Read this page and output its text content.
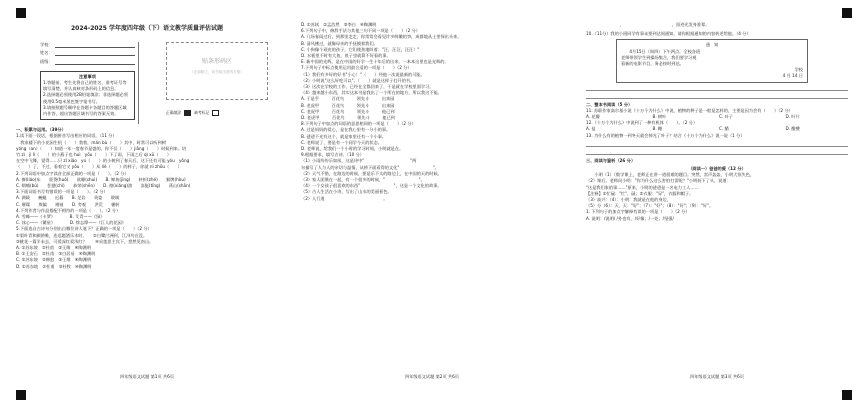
2024-2025 学年度四年级（下）语文教学质量评估试题
学校：
姓名：
班级：
注意事项
1.答题前，考生先将自己的姓名、准考证号等
填写清楚，并认真核对条形码上的信息。
2.选择题必须使用2B铅笔填涂；非选择题必须
使用0.5毫米黑色签字笔书写。
3.请按照题号顺序在答题卡各题目的答题区域
内作答，超出答题区域书写的答案无效。
贴条形码区
（正面朝上，切勿贴出虚线方框）
正确填涂	缺考标记
一、积累与运用。（39分）
1.读下面一段话，根据拼音写出相应的词语。（11 分）
　我家楼下的小花园生机（　　）勃勃，mán bù（　　）其中，时常可以听到树
yóng（an）（　　）知道一年一度春节是盛的。你不仅（　　）jiāng（　　）时候到来。培
竹 zì　jì lì（　　）的小燕子也 huì　yōu（　　）下了雨，下雨之后 qì xū（　　）
在空中飞舞，觉得……只 zǐ xiǎo　yú（　　）的小树到了春天后，这下还有可能 yóu　yǒng
（　　）了，不过，看着它又 yǒu（　　）从 liè（　　）的样子，你就 nǐ zhōu（　　）
2.下列词语中加点字读音全部正确的一项是（　　）。（2 分）
A. 撩(liáo)东　　贤贷(huò)　　欲睡(shuì)　　B. 鲸鱼(jīng)　　转折(zhé)　　猴牌(hòu)
C. 咽哺(bǔ)　　苍翅(chì)　　恭荣(shēn)　　D. 遨(xiǎng)游　　冻挺(tǐng)　　荡山(shān)
3.下面词语书写有错误的一项是（　　）。（2 分）
A. 满载　　蜿蜒　　迟暮　　B. 足岩　　英姿　　玻璃
C. 璀璨　　欺骗　　褶皱　　D. 旁观　　洪荒　　辗转
4.下列作者与作品搭配不相符的一项是（　　）。（2 分）
A. 雪峰——《卡罗》　　　　B. 艾青——《绿》
C. 冰心——《繁星》　　　　D. 徐志摩——《巨人的花园》
5.下面选自古诗句分别出自哪位诗人笔下？正确的一项是（　　）（2 分）
①梨叶青和颜辨唯，迭巡题酒乐木时。　　②白鹭汀洲到，江浔鸟在没。
③桃花一篇半未去，可爱深红爱浅红？　　④采莲思主宾下，悠然见南山。
A. ①苏东坡　②杜甫　③王维　④陶渊明
B. ①王安石　②杜甫　③白居易　④陶渊明
C. ①苏东坡　②韩愈　③王维　④陶渊明
D. ①苏东坡　②杜甫　③杜牧　④陶渊明
四年级语文试题 第1页 共6页
D. ①苏轼　②孟浩然　③李白　④陶渊明
6.下列句子中，修辞手法与其他三句不同一项是（　　）（2 分）
A. 几场春雨过后，到那里走走，你常常会看见许多鲜嫩的笋，成群地从土里探出头来。
B. 清风拂过，就像母亲的手抚摸着我们。
C. 小狗像个顽皮的孩子，它们使劲地叫着："汪，汪汪，汪汪！"
D. 水板里不时有大鱼，鱼子里就算不好看的事。
E. 新中国的光辉，是在中国的好学一生十年后的出来，一本本这里也是光辉的。
7.下列句子中标点使用运用最合适的一项是（　　）（2 分）
（1）我们有多好的好书"小心！"（　　）经他一次说最新的可能。
（2）小明说"这么好吃可以"。（　　）就是这样子打开的书。
（3）这次在学校的工作，已经在全都回来了，于是就在学校里面学习。
（4）越来越小东西，其实这本书是我出了一个所在的地方，所以我这不能。
A. 于是乎　　　百花鸟　　　领先斗　　　出来园
B. 老虎甲　　　百花鸟　　　领先斗　　　出来园
C. 老虎甲　　　百花鸟　　　领先斗　　　他已到
D. 老虎甲　　　百花鸟　　　领先斗　　　他已到
8.下列句子中加点的词语的意思相同的一项是（　　）（2 分）
A. 过是妈妈的爱心，是在我心里有一分小的事。
B. 爸爸不光有这个，就是家里还有一个小事。
C. 老师说了，要是有一个同学今天的状态。
D. 老师说，给我们一个小时的学习时间，小明就是在。
9.根据要求，填写古诗。（10 分）
（1）小雨纷纷乐如丝，这是诗中"　　　　　　　　　　　"两
句描写了人与人的亲切与温情，从桥下面看得的文化"　　　　　　　　"。
（2）天气不错，在路边的时候，要是乐不太的路边上，在中国的天的时候。
（3）家人团聚在一起，有一个很多的时候，"　　　　　　　　"。
（4）一个女孩子很喜欢的东西"　　　　　　　　"，这是一个文化的故事。
（5）古人生活在小诗，写出了山水的美丽景色。
（2）人行道　　　　　　　　　　　　　　。
四年级语文试题 第2页 共6页
　　　　　　　　，　　　　　　　　　　　　，留迹光发身准辈。
10.（11分）我的小班同学有事未要到达间通知，请你根据通知的内容转述给他。（4 分）
通　知
　　4月15日（周四）下午两点，全校各班
老师带领学生到操场集合，我们要学习观
看新的电影节目，务必按时到达。
　　　　　　　　　　　　　　　　　学校
4 月 14 日
二、整本书阅读（5 分）
11. 苏联作家高尔基小说《十万个为什么》中说，植物的种子是一般是怎样的，主要是因为会有（　　）（2 分）
A. 花瓣	B. 树叶	C. 叶子	D. 叶片
12.《十万个为什么》中说到了一种有机体（　　）。（2 分）
A. 盐	B. 糖	C. 醋	D. 醋酸
13. 为什么有的植物一到冬天就会掉光了叶子？结合《十万个为什么》说一说（1 分）
三、阅读与鉴析（26 分）
（阅读一）爸爸的爱（12 分）
　　小明（1）（数学课上，老师正在讲一道很难的题目。突然，雷声轰轰，小明大惊失色，
（2）课后，老师问小明："你为什么这么害怕打雷呢？"小明低下了头，说道：
"这是我们家的事……"原来，小明的爸爸是一名电力工人……
【注释】①忙碌："忙"，碌；②衣服："穿"，衣服和帽子。
（3）高兴：（4）：小明：我就是在他的身边，
（5）分（6）：天，天："好"；（7）："好"；（8）："好"；（9）："好"。
1. 下列句子的加点字解释有误的一项是（　　）（2 分）
A. 说明：/说明/ /外也有，/好像；/一处；/坚强/
四年级语文试题 第3页 共6页
